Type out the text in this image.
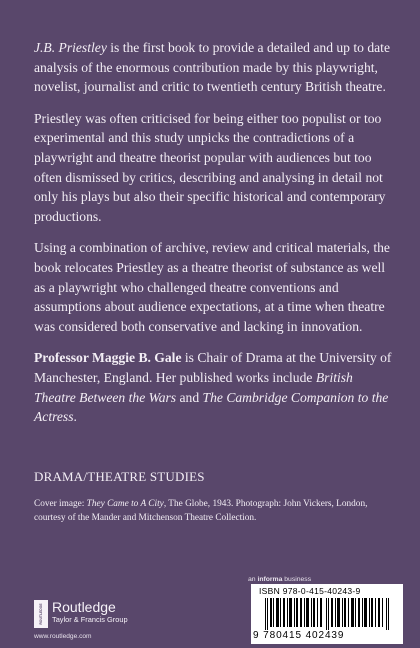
J.B. Priestley is the first book to provide a detailed and up to date analysis of the enormous contribution made by this playwright, novelist, journalist and critic to twentieth century British theatre.

Priestley was often criticised for being either too populist or too experimental and this study unpicks the contradictions of a playwright and theatre theorist popular with audiences but too often dismissed by critics, describing and analysing in detail not only his plays but also their specific historical and contemporary productions.

Using a combination of archive, review and critical materials, the book relocates Priestley as a theatre theorist of substance as well as a playwright who challenged theatre conventions and assumptions about audience expectations, at a time when theatre was considered both conservative and lacking in innovation.

Professor Maggie B. Gale is Chair of Drama at the University of Manchester, England. Her published works include British Theatre Between the Wars and The Cambridge Companion to the Actress.

DRAMA/THEATRE STUDIES
Cover image: They Came to A City, The Globe, 1943. Photograph: John Vickers, London, courtesy of the Mander and Mitchenson Theatre Collection.
an informa business
ISBN 978-0-415-40243-9
9 780415 402439
ROUTLEDGE Routledge
Taylor & Francis Group
www.routledge.com
